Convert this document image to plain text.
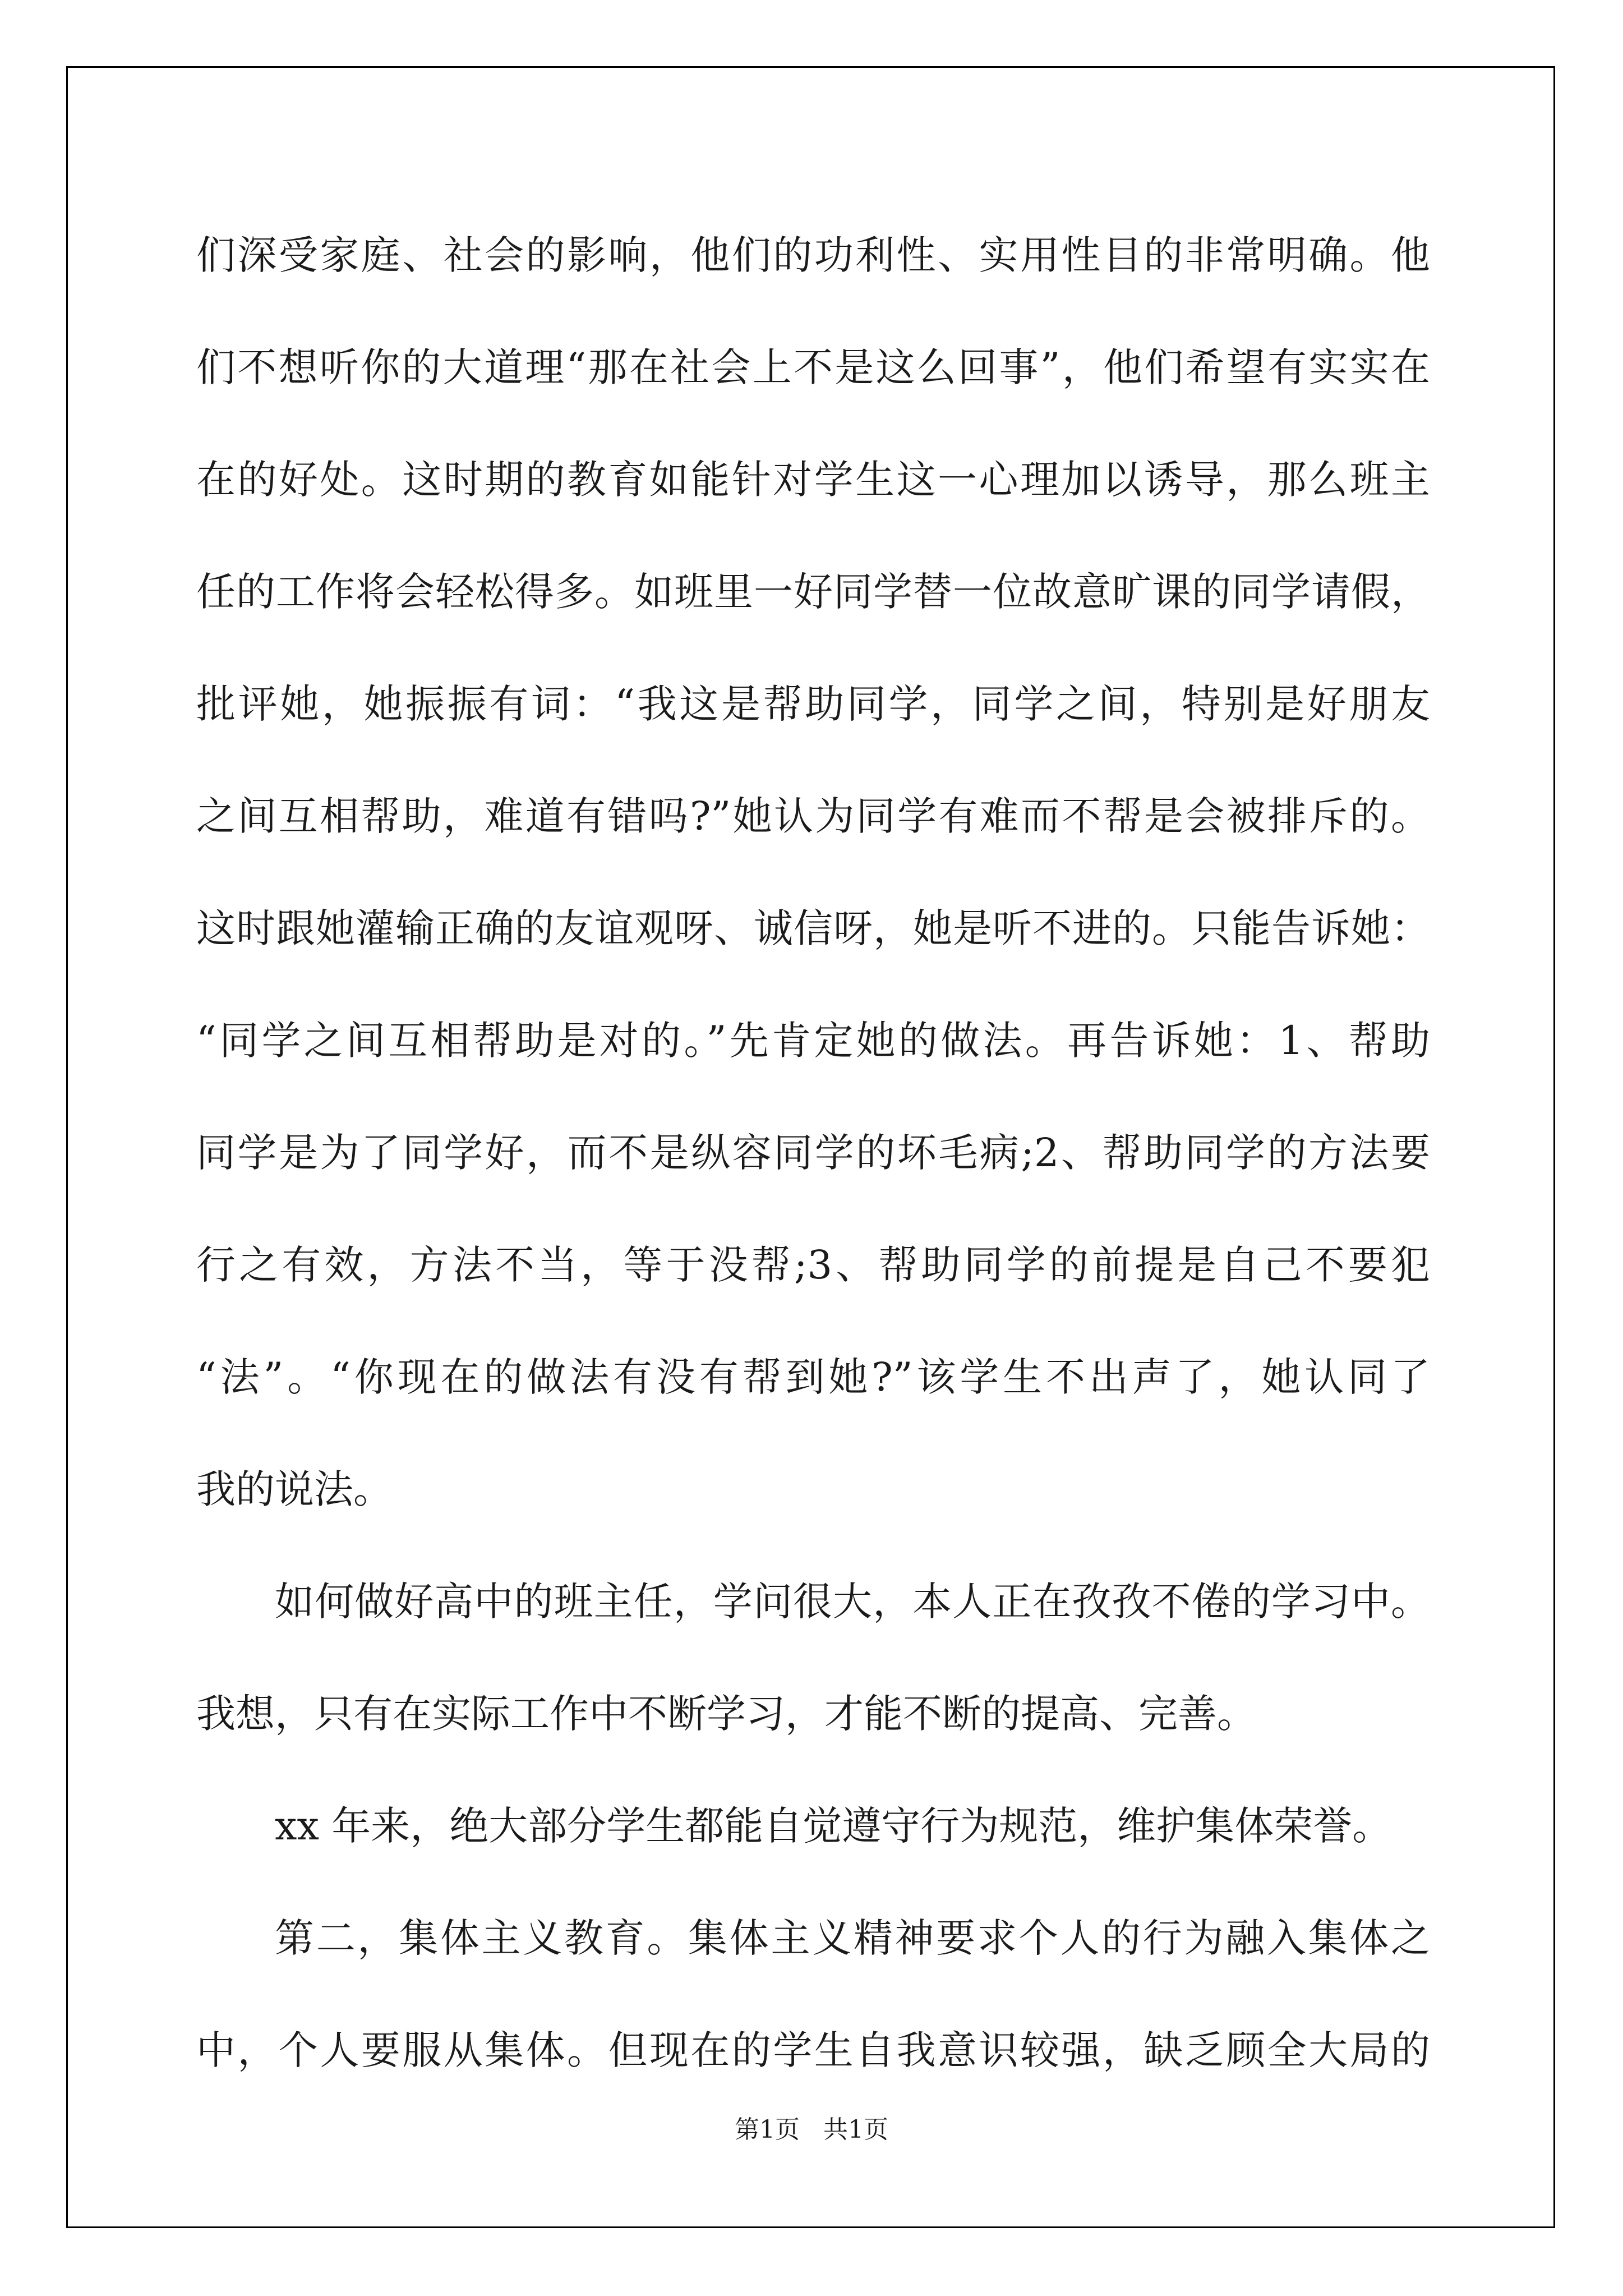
们深受家庭、社会的影响，他们的功利性、实用性目的非常明确。他
们不想听你的大道理“那在社会上不是这么回事”，他们希望有实实在
在的好处。这时期的教育如能针对学生这一心理加以诱导，那么班主
任的工作将会轻松得多。如班里一好同学替一位故意旷课的同学请假，
批评她，她振振有词：“我这是帮助同学，同学之间，特别是好朋友
之间互相帮助，难道有错吗?”她认为同学有难而不帮是会被排斥的。
这时跟她灌输正确的友谊观呀、诚信呀，她是听不进的。只能告诉她：
“同学之间互相帮助是对的。”先肯定她的做法。再告诉她：1、帮助
同学是为了同学好，而不是纵容同学的坏毛病;2、帮助同学的方法要
行之有效，方法不当，等于没帮;3、帮助同学的前提是自己不要犯
“法”。“你现在的做法有没有帮到她?”该学生不出声了，她认同了
我的说法。
如何做好高中的班主任，学问很大，本人正在孜孜不倦的学习中。
我想，只有在实际工作中不断学习，才能不断的提高、完善。
xx 年来，绝大部分学生都能自觉遵守行为规范，维护集体荣誉。
第二，集体主义教育。集体主义精神要求个人的行为融入集体之
中，个人要服从集体。但现在的学生自我意识较强，缺乏顾全大局的
第1页   共1页
